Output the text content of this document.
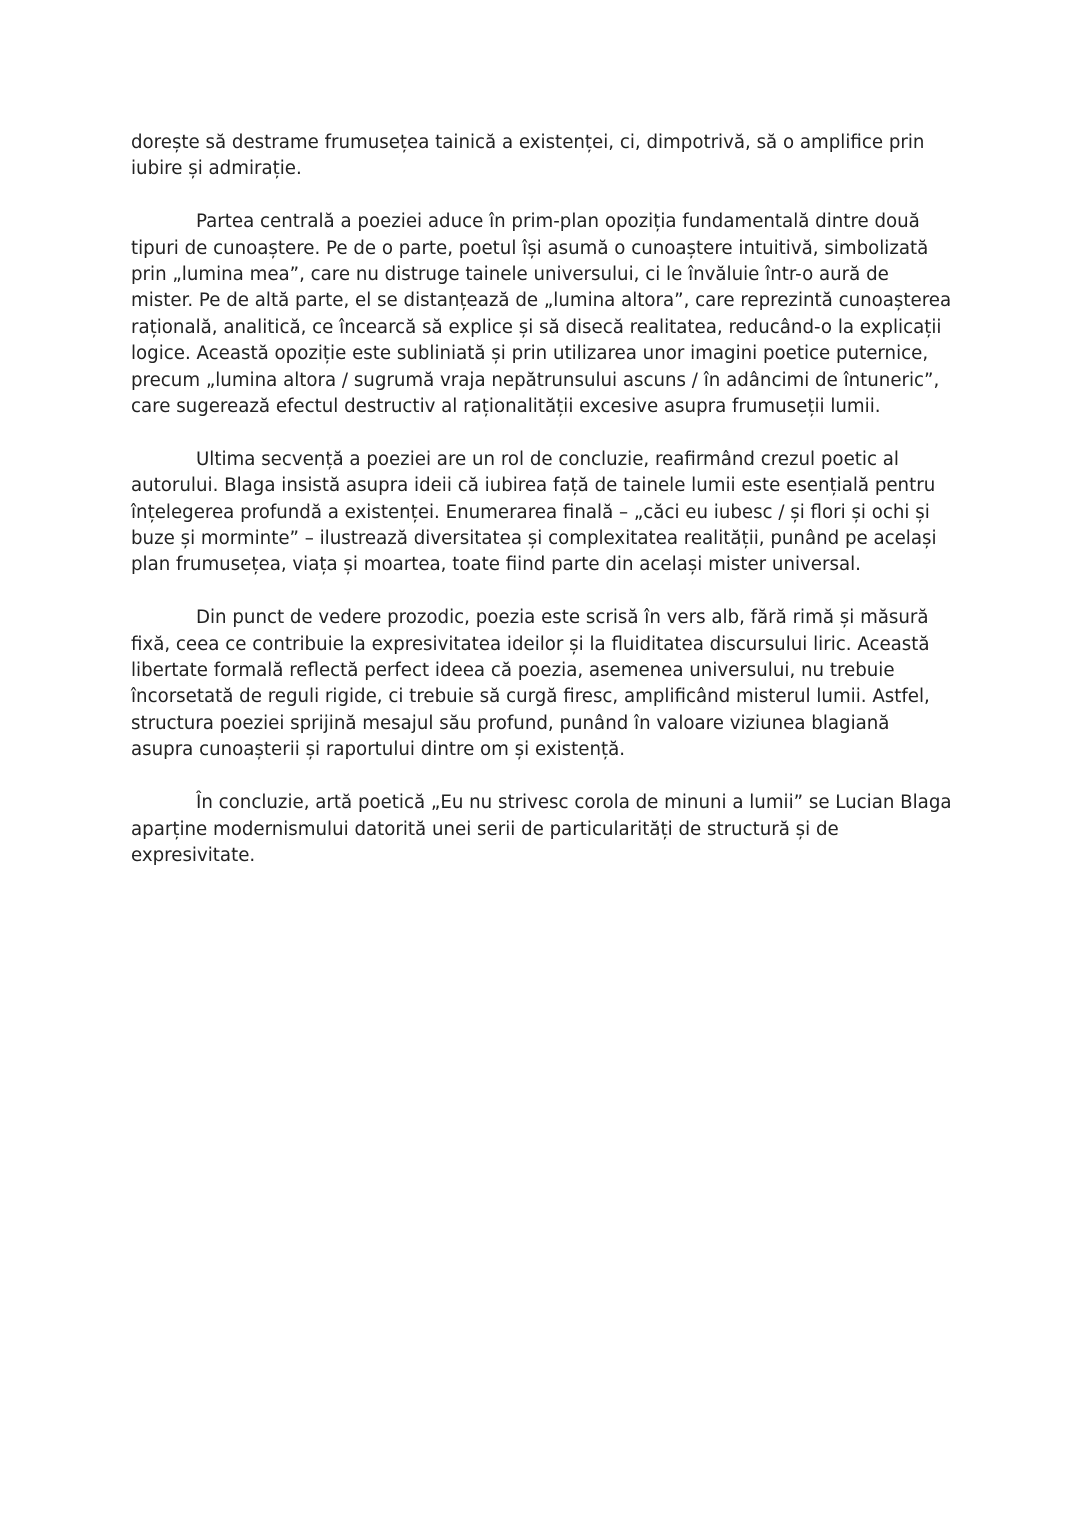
dorește să destrame frumusețea tainică a existenței, ci, dimpotrivă, să o amplifice prin iubire și admirație.

Partea centrală a poeziei aduce în prim-plan opoziția fundamentală dintre două tipuri de cunoaștere. Pe de o parte, poetul își asumă o cunoaștere intuitivă, simbolizată prin „lumina mea”, care nu distruge tainele universului, ci le învăluie într-o aură de mister. Pe de altă parte, el se distanțează de „lumina altora”, care reprezintă cunoașterea rațională, analitică, ce încearcă să explice și să disecă realitatea, reducând-o la explicații logice. Această opoziție este subliniată și prin utilizarea unor imagini poetice puternice, precum „lumina altora / sugrumă vraja nepătrunsului ascuns / în adâncimi de întuneric”, care sugerează efectul destructiv al raționalității excesive asupra frumuseții lumii.

Ultima secvență a poeziei are un rol de concluzie, reafirmând crezul poetic al autorului. Blaga insistă asupra ideii că iubirea față de tainele lumii este esențială pentru înțelegerea profundă a existenței. Enumerarea finală – „căci eu iubesc / și flori și ochi și buze și morminte” – ilustrează diversitatea și complexitatea realității, punând pe același plan frumusețea, viața și moartea, toate fiind parte din același mister universal.

Din punct de vedere prozodic, poezia este scrisă în vers alb, fără rimă și măsură fixă, ceea ce contribuie la expresivitatea ideilor și la fluiditatea discursului liric. Această libertate formală reflectă perfect ideea că poezia, asemenea universului, nu trebuie încorsetată de reguli rigide, ci trebuie să curgă firesc, amplificând misterul lumii. Astfel, structura poeziei sprijină mesajul său profund, punând în valoare viziunea blagiană asupra cunoașterii și raportului dintre om și existență.

În concluzie, artă poetică „Eu nu strivesc corola de minuni a lumii” se Lucian Blaga aparține modernismului datorită unei serii de particularități de structură și de expresivitate.
